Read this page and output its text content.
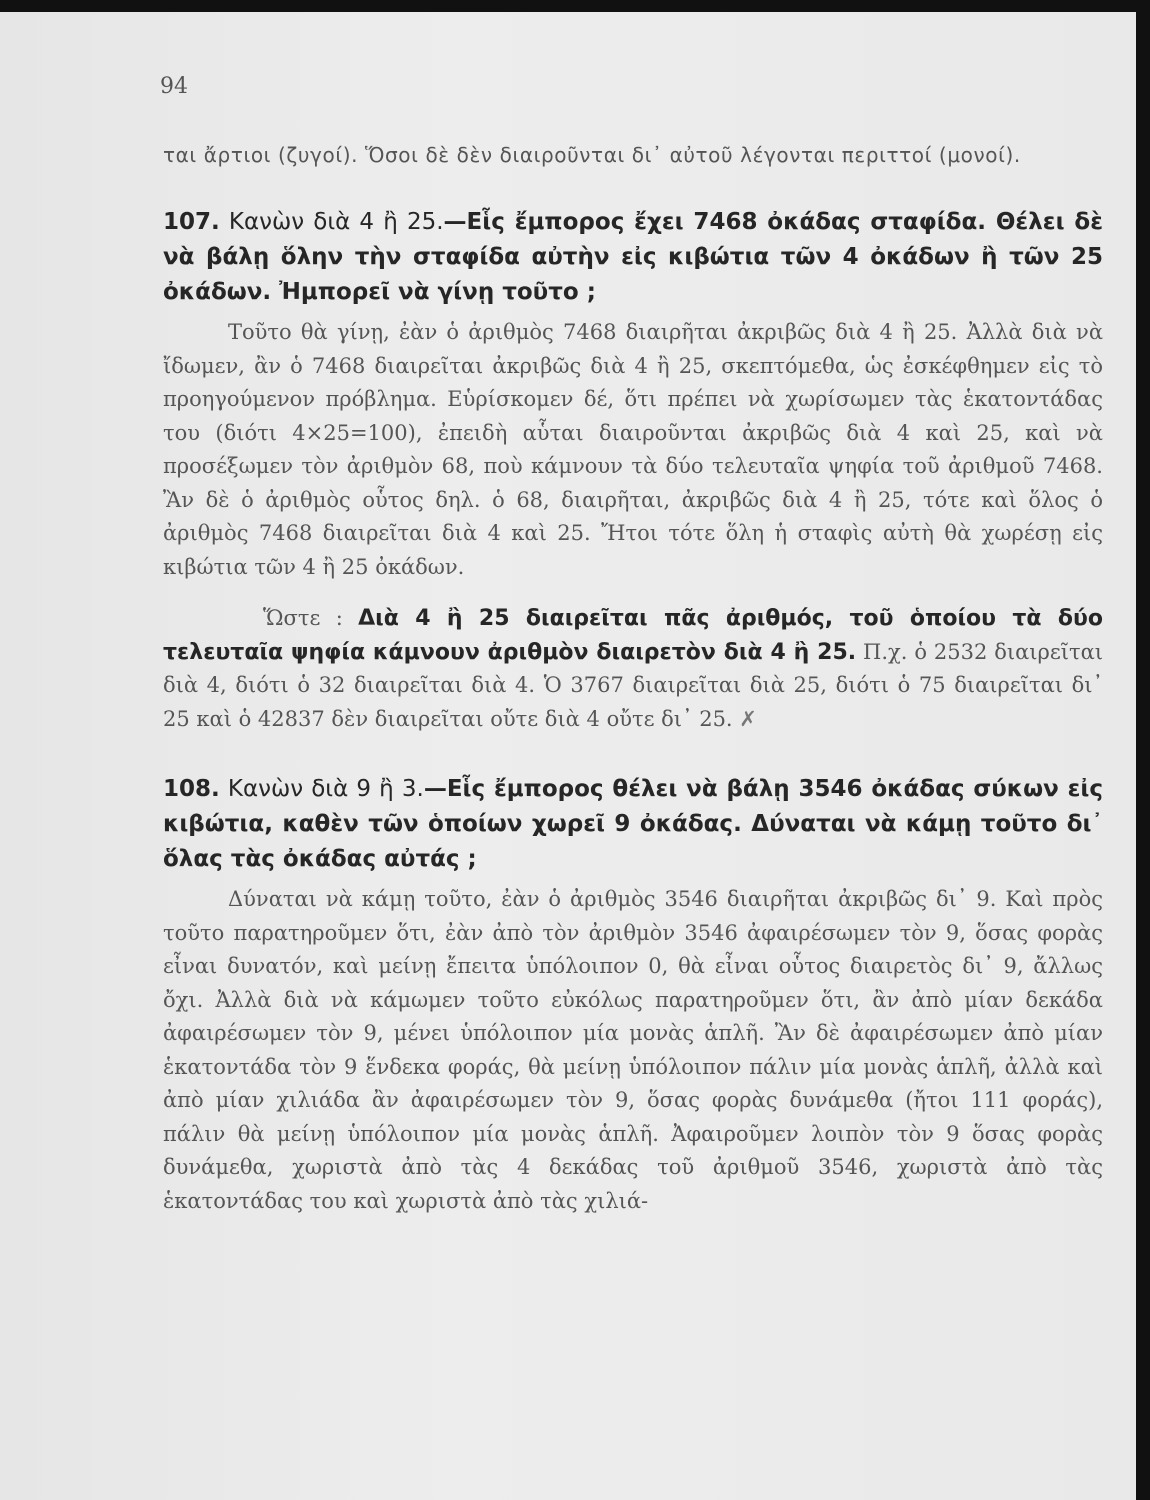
94

ται ἄρτιοι (ζυγοί). Ὅσοι δὲ δὲν διαιροῦνται δι᾿ αὐτοῦ λέγονται περιττοί (μονοί).

107. Κανὼν διὰ 4 ἢ 25.—Εἷς ἔμπορος ἔχει 7468 ὀκάδας σταφίδα. Θέλει δὲ νὰ βάλῃ ὅλην τὴν σταφίδα αὐτὴν εἰς κιβώτια τῶν 4 ὀκάδων ἢ τῶν 25 ὀκάδων. Ἠμπορεῖ νὰ γίνῃ τοῦτο ;

Τοῦτο θὰ γίνῃ, ἐὰν ὁ ἀριθμὸς 7468 διαιρῆται ἀκριβῶς διὰ 4 ἢ 25. Ἀλλὰ διὰ νὰ ἴδωμεν, ἂν ὁ 7468 διαιρεῖται ἀκριβῶς διὰ 4 ἢ 25, σκεπτόμεθα, ὡς ἐσκέφθημεν εἰς τὸ προηγούμενον πρόβλημα. Εὑρίσκομεν δέ, ὅτι πρέπει νὰ χωρίσωμεν τὰς ἑκατοντάδας του (διότι 4×25=100), ἐπειδὴ αὗται διαιροῦνται ἀκριβῶς διὰ 4 καὶ 25, καὶ νὰ προσέξωμεν τὸν ἀριθμὸν 68, ποὺ κάμνουν τὰ δύο τελευταῖα ψηφία τοῦ ἀριθμοῦ 7468. Ἂν δὲ ὁ ἀριθμὸς οὗτος δηλ. ὁ 68, διαιρῆται, ἀκριβῶς διὰ 4 ἢ 25, τότε καὶ ὅλος ὁ ἀριθμὸς 7468 διαιρεῖται διὰ 4 καὶ 25. Ἤτοι τότε ὅλη ἡ σταφὶς αὐτὴ θὰ χωρέσῃ εἰς κιβώτια τῶν 4 ἢ 25 ὀκάδων.

Ὥστε : Διὰ 4 ἢ 25 διαιρεῖται πᾶς ἀριθμός, τοῦ ὁποίου τὰ δύο τελευταῖα ψηφία κάμνουν ἀριθμὸν διαιρετὸν διὰ 4 ἢ 25. Π.χ. ὁ 2532 διαιρεῖται διὰ 4, διότι ὁ 32 διαιρεῖται διὰ 4. Ὁ 3767 διαιρεῖται διὰ 25, διότι ὁ 75 διαιρεῖται δι᾿ 25 καὶ ὁ 42837 δὲν διαιρεῖται οὔτε διὰ 4 οὔτε δι᾿ 25. ✗

108. Κανὼν διὰ 9 ἢ 3.—Εἷς ἔμπορος θέλει νὰ βάλῃ 3546 ὀκάδας σύκων εἰς κιβώτια, καθὲν τῶν ὁποίων χωρεῖ 9 ὀκάδας. Δύναται νὰ κάμῃ τοῦτο δι᾿ ὅλας τὰς ὀκάδας αὐτάς ;

Δύναται νὰ κάμῃ τοῦτο, ἐὰν ὁ ἀριθμὸς 3546 διαιρῆται ἀκριβῶς δι᾿ 9. Καὶ πρὸς τοῦτο παρατηροῦμεν ὅτι, ἐὰν ἀπὸ τὸν ἀριθμὸν 3546 ἀφαιρέσωμεν τὸν 9, ὅσας φορὰς εἶναι δυνατόν, καὶ μείνῃ ἔπειτα ὑπόλοιπον 0, θὰ εἶναι οὗτος διαιρετὸς δι᾿ 9, ἄλλως ὄχι. Ἀλλὰ διὰ νὰ κάμωμεν τοῦτο εὐκόλως παρατηροῦμεν ὅτι, ἂν ἀπὸ μίαν δεκάδα ἀφαιρέσωμεν τὸν 9, μένει ὑπόλοιπον μία μονὰς ἁπλῆ. Ἂν δὲ ἀφαιρέσωμεν ἀπὸ μίαν ἑκατοντάδα τὸν 9 ἕνδεκα φοράς, θὰ μείνῃ ὑπόλοιπον πάλιν μία μονὰς ἁπλῆ, ἀλλὰ καὶ ἀπὸ μίαν χιλιάδα ἂν ἀφαιρέσωμεν τὸν 9, ὅσας φορὰς δυνάμεθα (ἤτοι 111 φοράς), πάλιν θὰ μείνῃ ὑπόλοιπον μία μονὰς ἁπλῆ. Ἀφαιροῦμεν λοιπὸν τὸν 9 ὅσας φορὰς δυνάμεθα, χωριστὰ ἀπὸ τὰς 4 δεκάδας τοῦ ἀριθμοῦ 3546, χωριστὰ ἀπὸ τὰς ἑκατοντάδας του καὶ χωριστὰ ἀπὸ τὰς χιλιά-
